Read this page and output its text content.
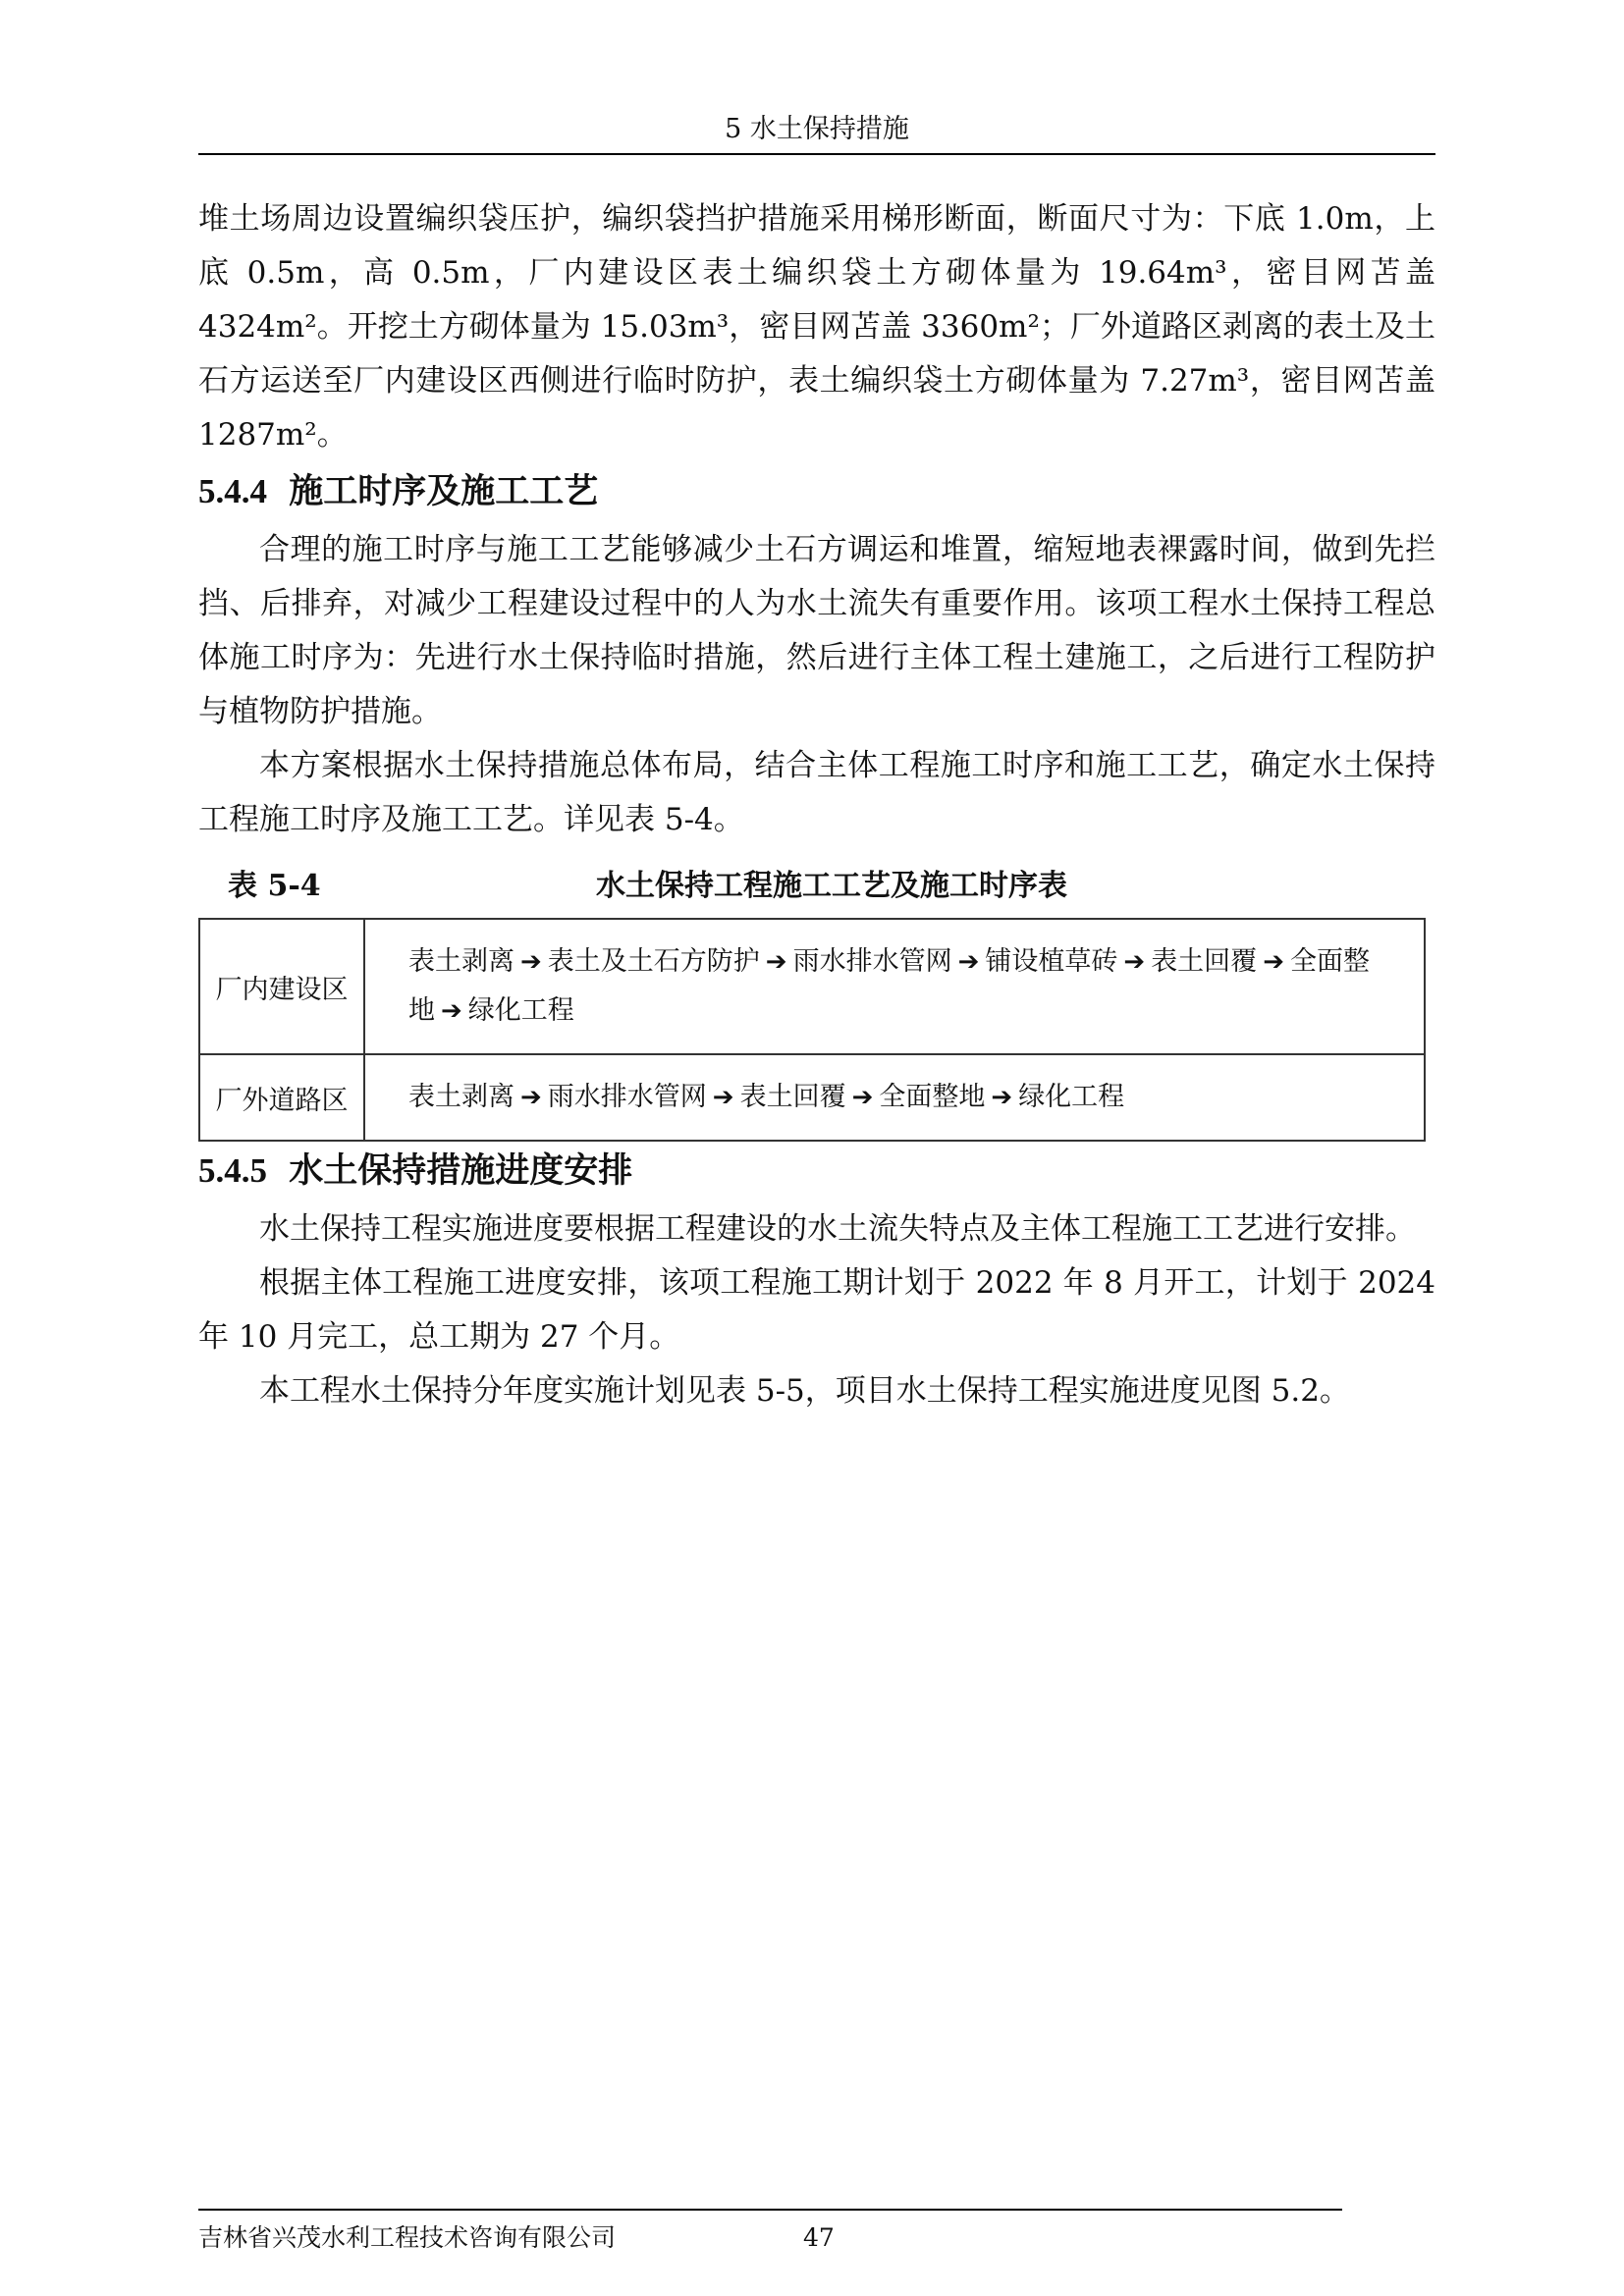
5 水土保持措施

堆土场周边设置编织袋压护，编织袋挡护措施采用梯形断面，断面尺寸为：下底 1.0m，上底 0.5m，高 0.5m，厂内建设区表土编织袋土方砌体量为 19.64m³，密目网苫盖 4324m²。开挖土方砌体量为 15.03m³，密目网苫盖 3360m²；厂外道路区剥离的表土及土石方运送至厂内建设区西侧进行临时防护，表土编织袋土方砌体量为 7.27m³，密目网苫盖 1287m²。

5.4.4 施工时序及施工工艺

合理的施工时序与施工工艺能够减少土石方调运和堆置，缩短地表裸露时间，做到先拦挡、后排弃，对减少工程建设过程中的人为水土流失有重要作用。该项工程水土保持工程总体施工时序为：先进行水土保持临时措施，然后进行主体工程土建施工，之后进行工程防护与植物防护措施。

本方案根据水土保持措施总体布局，结合主体工程施工时序和施工工艺，确定水土保持工程施工时序及施工工艺。详见表 5-4。

表 5-4	水土保持工程施工工艺及施工时序表
厂内建设区	表土剥离 ➔ 表土及土石方防护 ➔ 雨水排水管网 ➔ 铺设植草砖 ➔ 表土回覆 ➔ 全面整地 ➔ 绿化工程
厂外道路区	表土剥离 ➔ 雨水排水管网 ➔ 表土回覆 ➔ 全面整地 ➔ 绿化工程
5.4.5 水土保持措施进度安排

水土保持工程实施进度要根据工程建设的水土流失特点及主体工程施工工艺进行安排。

根据主体工程施工进度安排，该项工程施工期计划于 2022 年 8 月开工，计划于 2024 年 10 月完工，总工期为 27 个月。

本工程水土保持分年度实施计划见表 5-5，项目水土保持工程实施进度见图 5.2。

吉林省兴茂水利工程技术咨询有限公司	47
